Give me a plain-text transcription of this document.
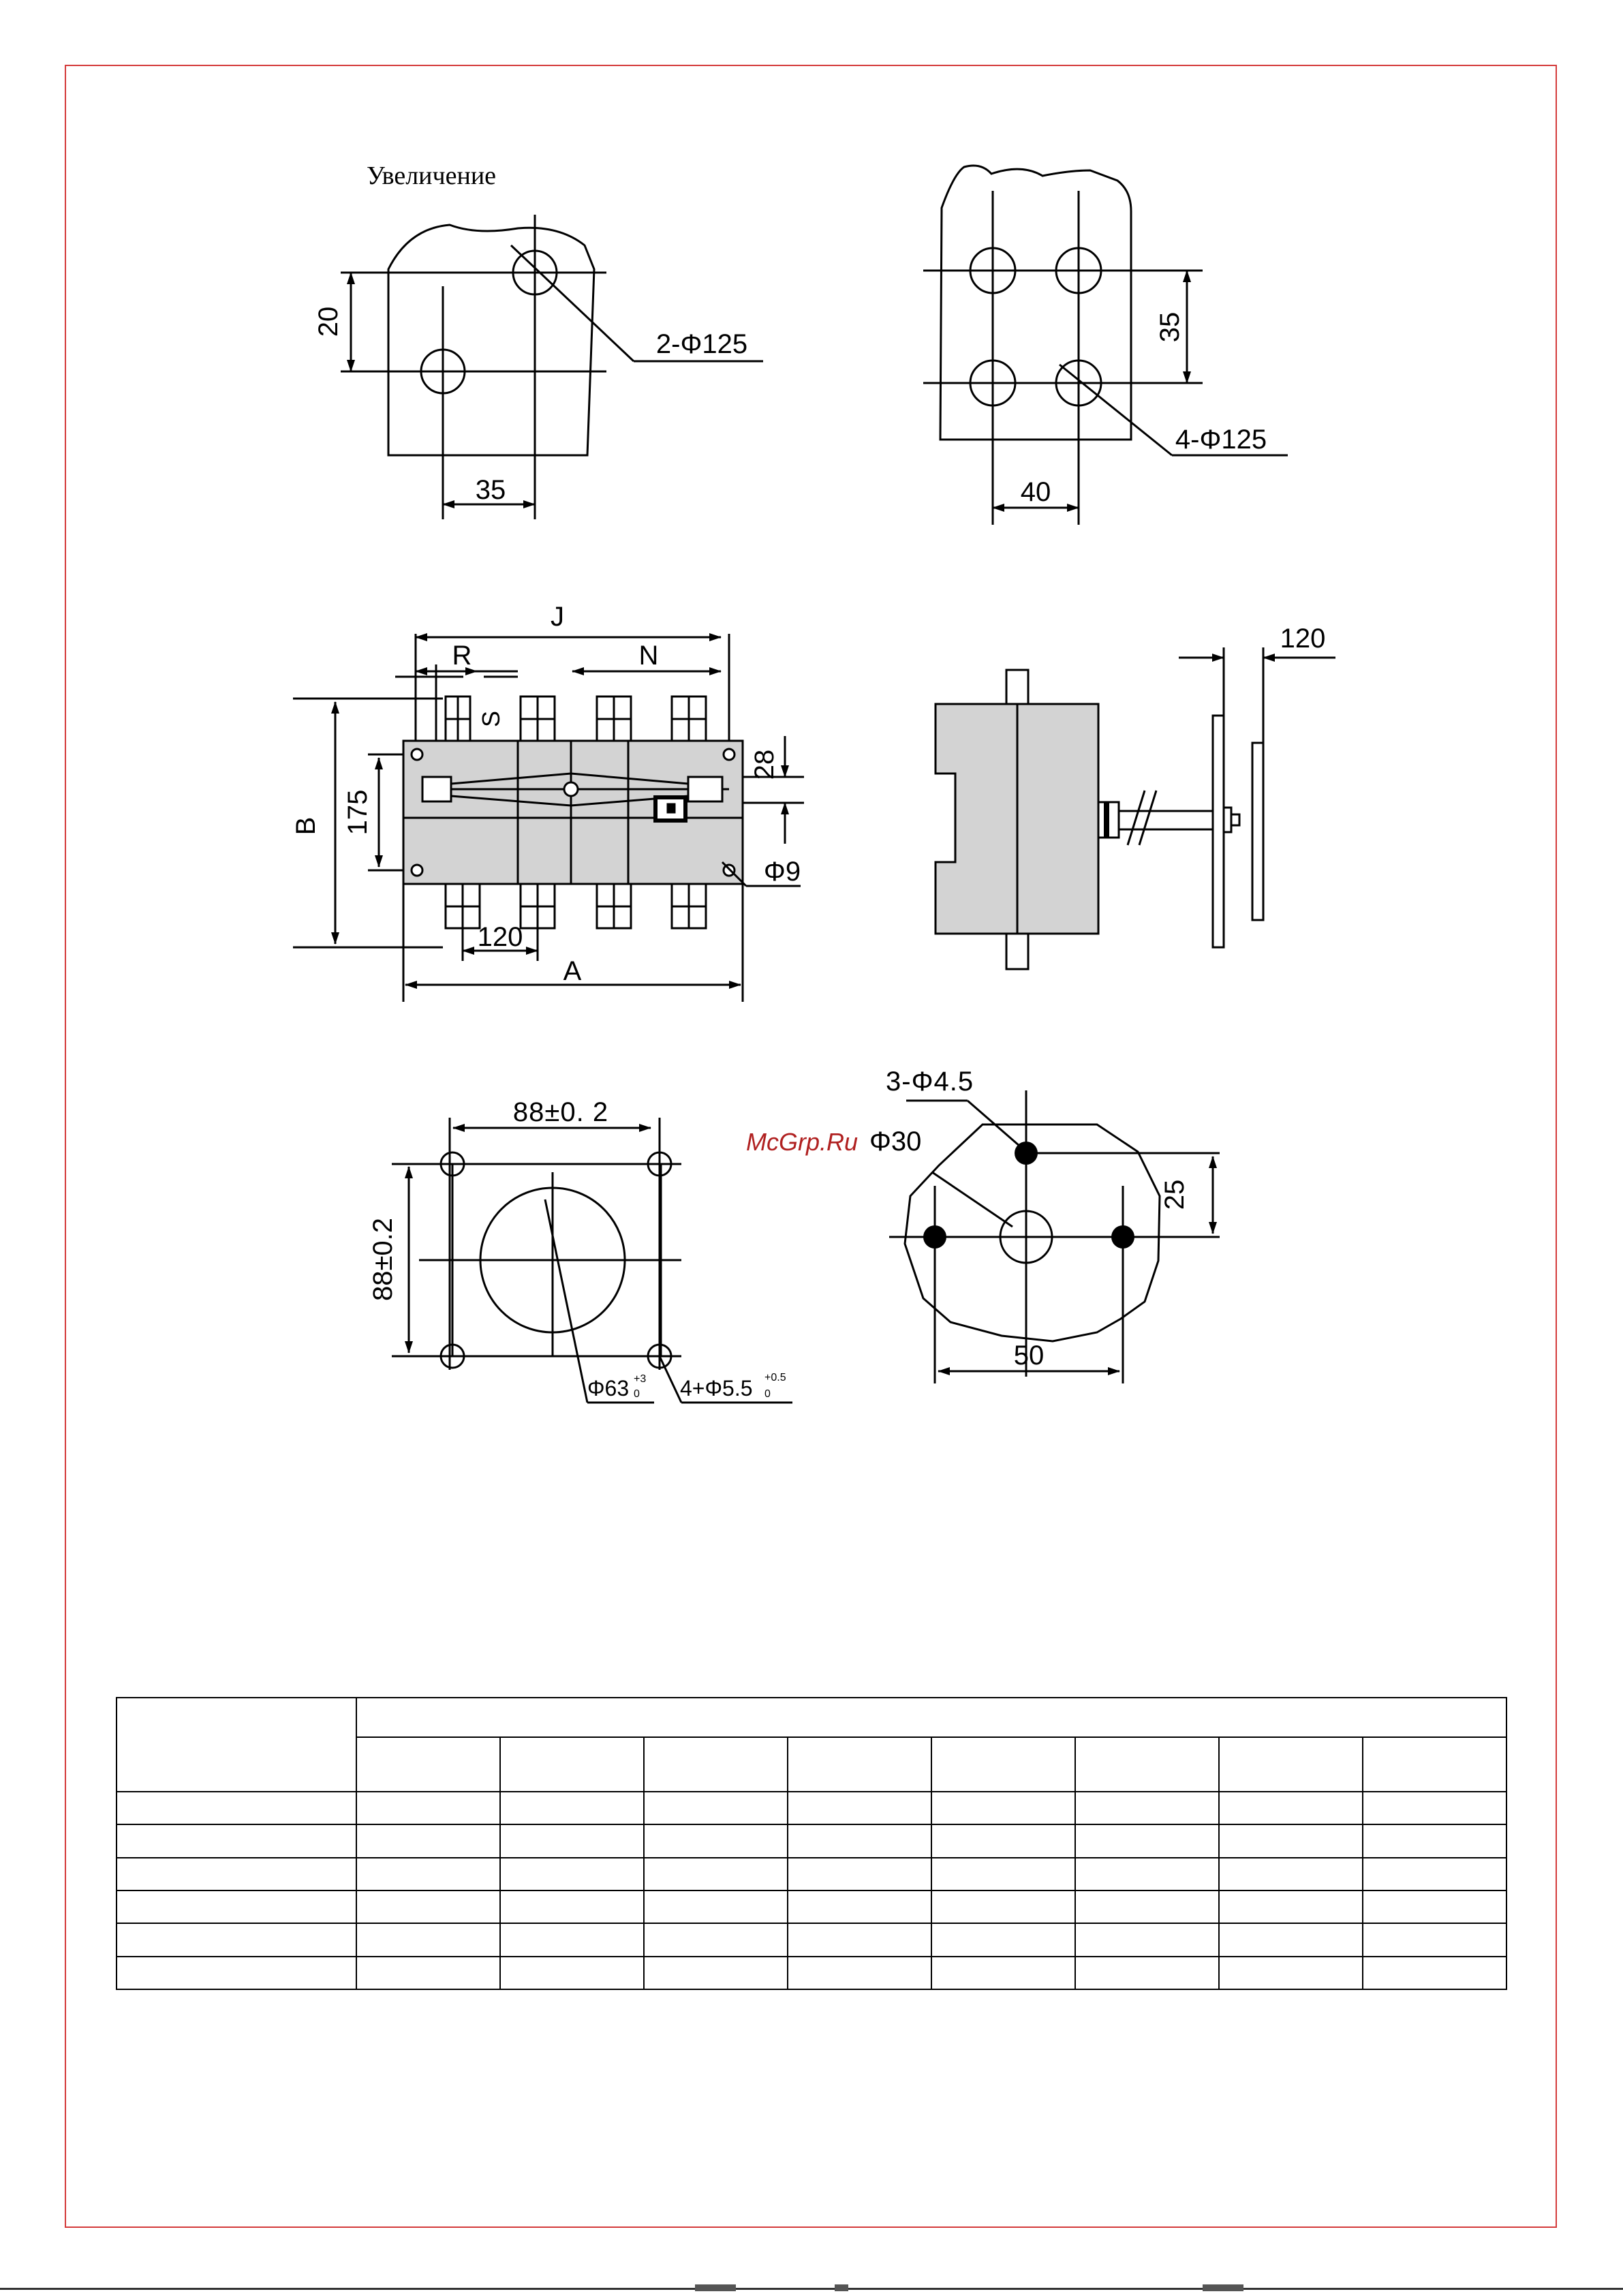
Увеличение
20
35
2-Φ125
35
40
4-Φ125
J
R
S
N
B 175
28
Φ9
120
A
120
88±0. 2
88±0.2
Φ63 +3
0 4+Φ5.5 +0.5
0
3-Φ4.5
Φ30
25
50
McGrp.Ru
